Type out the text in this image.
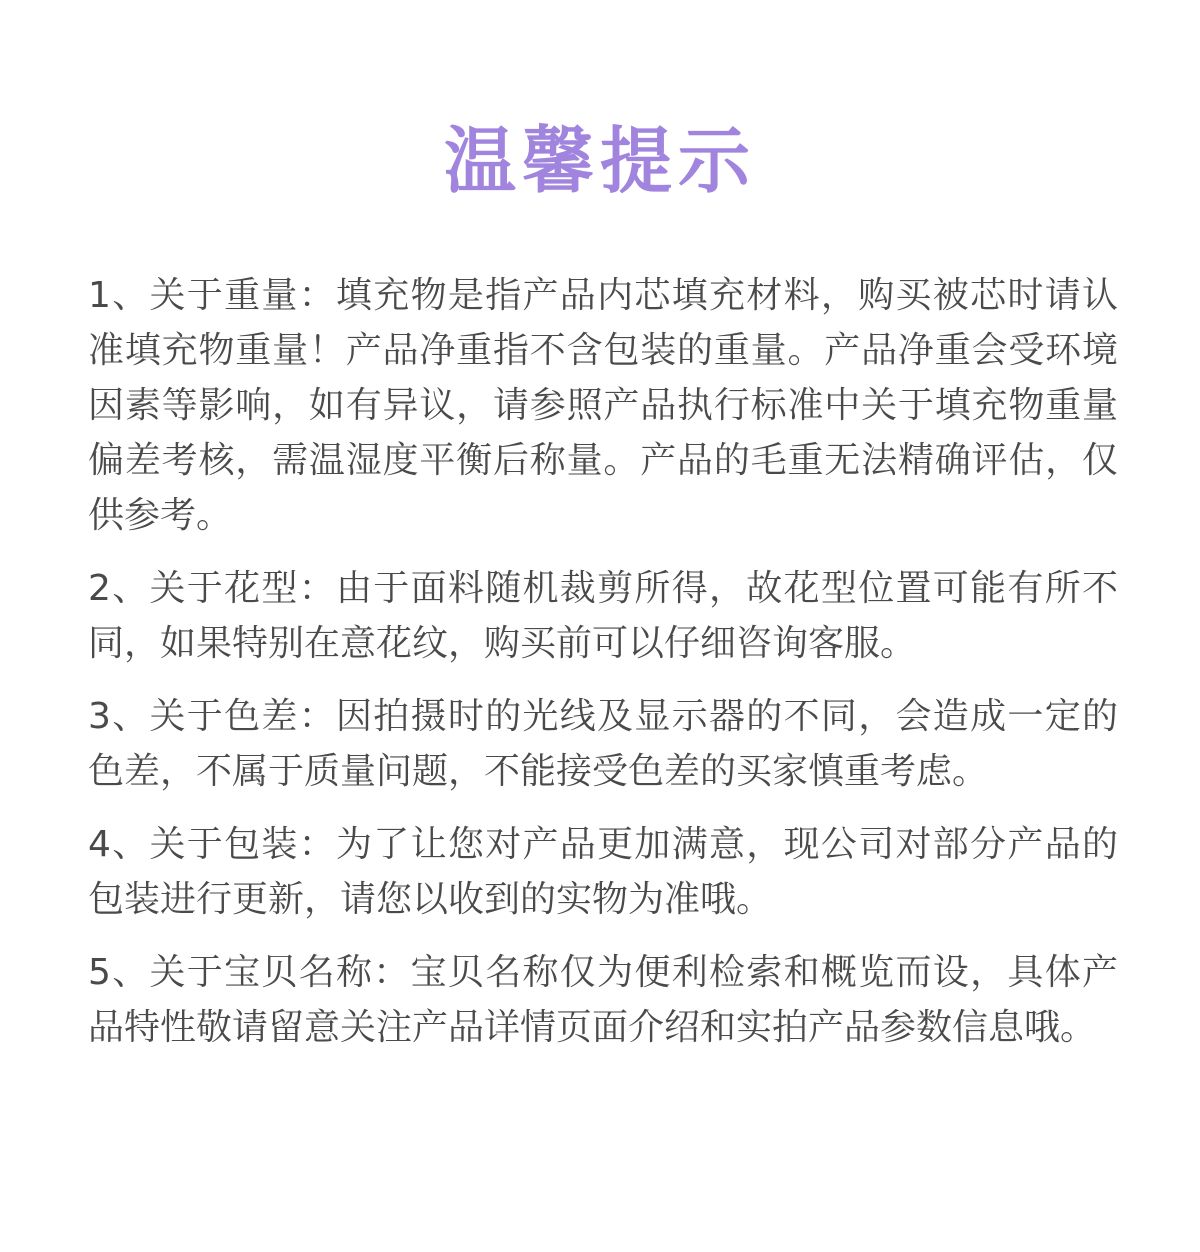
温馨提示

1、关于重量：填充物是指产品内芯填充材料，购买被芯时请认准填充物重量！产品净重指不含包装的重量。产品净重会受环境因素等影响，如有异议，请参照产品执行标准中关于填充物重量偏差考核，需温湿度平衡后称量。产品的毛重无法精确评估，仅供参考。

2、关于花型：由于面料随机裁剪所得，故花型位置可能有所不同，如果特别在意花纹，购买前可以仔细咨询客服。

3、关于色差：因拍摄时的光线及显示器的不同，会造成一定的色差，不属于质量问题，不能接受色差的买家慎重考虑。

4、关于包装：为了让您对产品更加满意，现公司对部分产品的包装进行更新，请您以收到的实物为准哦。

5、关于宝贝名称：宝贝名称仅为便利检索和概览而设，具体产品特性敬请留意关注产品详情页面介绍和实拍产品参数信息哦。
